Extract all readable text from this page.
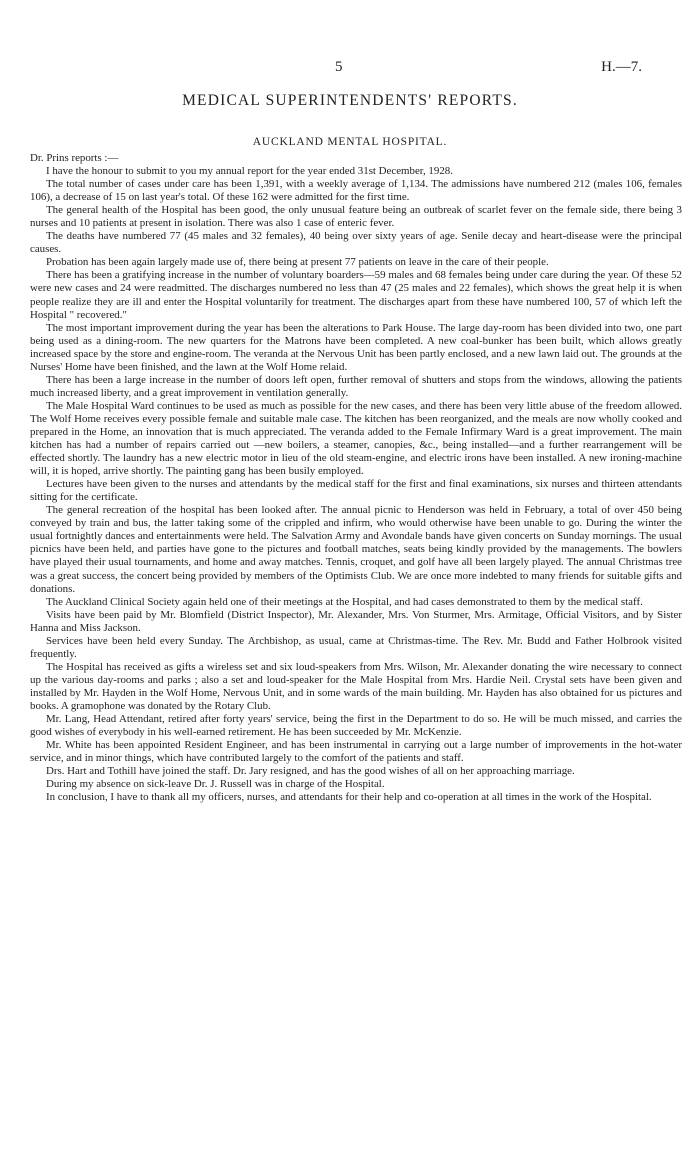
5	H.—7.
MEDICAL SUPERINTENDENTS' REPORTS.
AUCKLAND MENTAL HOSPITAL.

Dr. Prins reports :—

I have the honour to submit to you my annual report for the year ended 31st December, 1928.

The total number of cases under care has been 1,391, with a weekly average of 1,134. The admissions have numbered 212 (males 106, females 106), a decrease of 15 on last year's total. Of these 162 were admitted for the first time.

The general health of the Hospital has been good, the only unusual feature being an outbreak of scarlet fever on the female side, there being 3 nurses and 10 patients at present in isolation. There was also 1 case of enteric fever.

The deaths have numbered 77 (45 males and 32 females), 40 being over sixty years of age. Senile decay and heart-disease were the principal causes.

Probation has been again largely made use of, there being at present 77 patients on leave in the care of their people.

There has been a gratifying increase in the number of voluntary boarders—59 males and 68 females being under care during the year. Of these 52 were new cases and 24 were readmitted. The discharges numbered no less than 47 (25 males and 22 females), which shows the great help it is when people realize they are ill and enter the Hospital voluntarily for treatment. The discharges apart from these have numbered 100, 57 of which left the Hospital " recovered."

The most important improvement during the year has been the alterations to Park House. The large day-room has been divided into two, one part being used as a dining-room. The new quarters for the Matrons have been completed. A new coal-bunker has been built, which allows greatly increased space by the store and engine-room. The veranda at the Nervous Unit has been partly enclosed, and a new lawn laid out. The grounds at the Nurses' Home have been finished, and the lawn at the Wolf Home relaid.

There has been a large increase in the number of doors left open, further removal of shutters and stops from the windows, allowing the patients much increased liberty, and a great improvement in ventilation generally.

The Male Hospital Ward continues to be used as much as possible for the new cases, and there has been very little abuse of the freedom allowed. The Wolf Home receives every possible female and suitable male case. The kitchen has been reorganized, and the meals are now wholly cooked and prepared in the Home, an innovation that is much appreciated. The veranda added to the Female Infirmary Ward is a great improvement. The main kitchen has had a number of repairs carried out —new boilers, a steamer, canopies, &c., being installed—and a further rearrangement will be effected shortly. The laundry has a new electric motor in lieu of the old steam-engine, and electric irons have been installed. A new ironing-machine will, it is hoped, arrive shortly. The painting gang has been busily employed.

Lectures have been given to the nurses and attendants by the medical staff for the first and final examinations, six nurses and thirteen attendants sitting for the certificate.

The general recreation of the hospital has been looked after. The annual picnic to Henderson was held in February, a total of over 450 being conveyed by train and bus, the latter taking some of the crippled and infirm, who would otherwise have been unable to go. During the winter the usual fortnightly dances and entertainments were held. The Salvation Army and Avondale bands have given concerts on Sunday mornings. The usual picnics have been held, and parties have gone to the pictures and football matches, seats being kindly provided by the managements. The bowlers have played their usual tournaments, and home and away matches. Tennis, croquet, and golf have all been largely played. The annual Christmas tree was a great success, the concert being provided by members of the Optimists Club. We are once more indebted to many friends for suitable gifts and donations.

The Auckland Clinical Society again held one of their meetings at the Hospital, and had cases demonstrated to them by the medical staff.

Visits have been paid by Mr. Blomfield (District Inspector), Mr. Alexander, Mrs. Von Sturmer, Mrs. Armitage, Official Visitors, and by Sister Hanna and Miss Jackson.

Services have been held every Sunday. The Archbishop, as usual, came at Christmas-time. The Rev. Mr. Budd and Father Holbrook visited frequently.

The Hospital has received as gifts a wireless set and six loud-speakers from Mrs. Wilson, Mr. Alexander donating the wire necessary to connect up the various day-rooms and parks ; also a set and loud-speaker for the Male Hospital from Mrs. Hardie Neil. Crystal sets have been given and installed by Mr. Hayden in the Wolf Home, Nervous Unit, and in some wards of the main building. Mr. Hayden has also obtained for us pictures and books. A gramophone was donated by the Rotary Club.

Mr. Lang, Head Attendant, retired after forty years' service, being the first in the Department to do so. He will be much missed, and carries the good wishes of everybody in his well-earned retirement. He has been succeeded by Mr. McKenzie.

Mr. White has been appointed Resident Engineer, and has been instrumental in carrying out a large number of improvements in the hot-water service, and in minor things, which have contributed largely to the comfort of the patients and staff.

Drs. Hart and Tothill have joined the staff. Dr. Jary resigned, and has the good wishes of all on her approaching marriage.

During my absence on sick-leave Dr. J. Russell was in charge of the Hospital.

In conclusion, I have to thank all my officers, nurses, and attendants for their help and co-operation at all times in the work of the Hospital.
